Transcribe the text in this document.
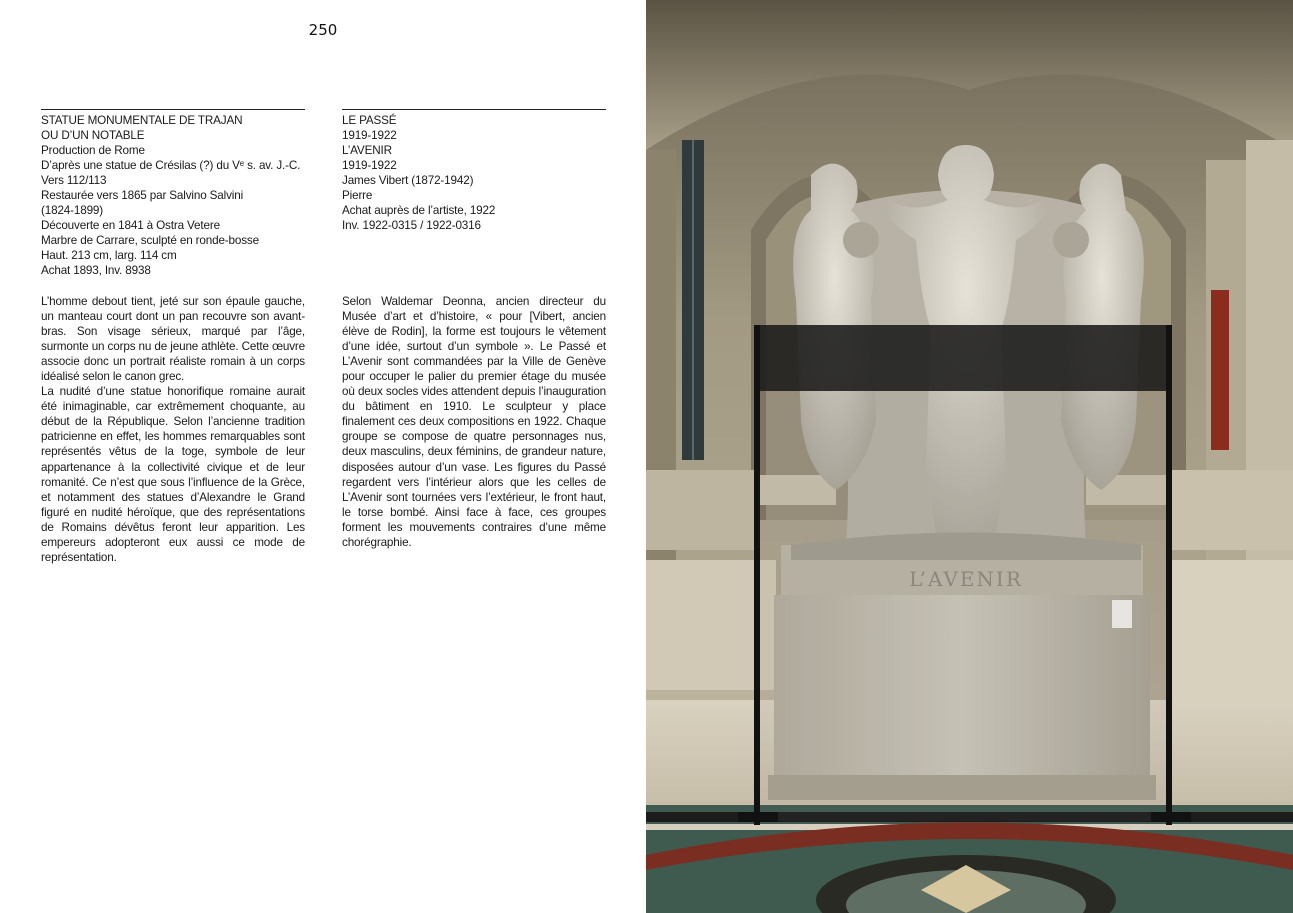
250
STATUE MONUMENTALE DE TRAJAN
OU D’UN NOTABLE
Production de Rome
D’après une statue de Crésilas (?) du Vᵉ s. av. J.-C.
Vers 112/113
Restaurée vers 1865 par Salvino Salvini
(1824-1899)
Découverte en 1841 à Ostra Vetere
Marbre de Carrare, sculpté en ronde-bosse
Haut. 213 cm, larg. 114 cm
Achat 1893, Inv. 8938

L’homme debout tient, jeté sur son épaule gauche, un manteau court dont un pan recouvre son avant-bras. Son visage sérieux, marqué par l’âge, surmonte un corps nu de jeune athlète. Cette œuvre associe donc un portrait réaliste romain à un corps idéalisé selon le canon grec.

La nudité d’une statue honorifique romaine aurait été inimaginable, car extrêmement choquante, au début de la République. Selon l’ancienne tradition patricienne en effet, les hommes remarquables sont représentés vêtus de la toge, symbole de leur appartenance à la collectivité civique et de leur romanité. Ce n’est que sous l’influence de la Grèce, et notamment des statues d’Alexandre le Grand figuré en nudité héroïque, que des représentations de Romains dévêtus feront leur apparition. Les empereurs adopteront eux aussi ce mode de représentation.

LE PASSÉ
1919-1922
L’AVENIR
1919-1922
James Vibert (1872-1942)
Pierre
Achat auprès de l’artiste, 1922
Inv. 1922-0315 / 1922-0316

Selon Waldemar Deonna, ancien directeur du Musée d’art et d’histoire, « pour [Vibert, ancien élève de Rodin], la forme est toujours le vêtement d’une idée, surtout d’un symbole ». Le Passé et L’Avenir sont commandées par la Ville de Genève pour occuper le palier du premier étage du musée où deux socles vides attendent depuis l’inauguration du bâtiment en 1910. Le sculpteur y place finalement ces deux compositions en 1922. Chaque groupe se compose de quatre personnages nus, deux masculins, deux féminins, de grandeur nature, disposées autour d’un vase. Les figures du Passé regardent vers l’intérieur alors que les celles de L’Avenir sont tournées vers l’extérieur, le front haut, le torse bombé. Ainsi face à face, ces groupes forment les mouvements contraires d’une même chorégraphie.

L’AVENIR
